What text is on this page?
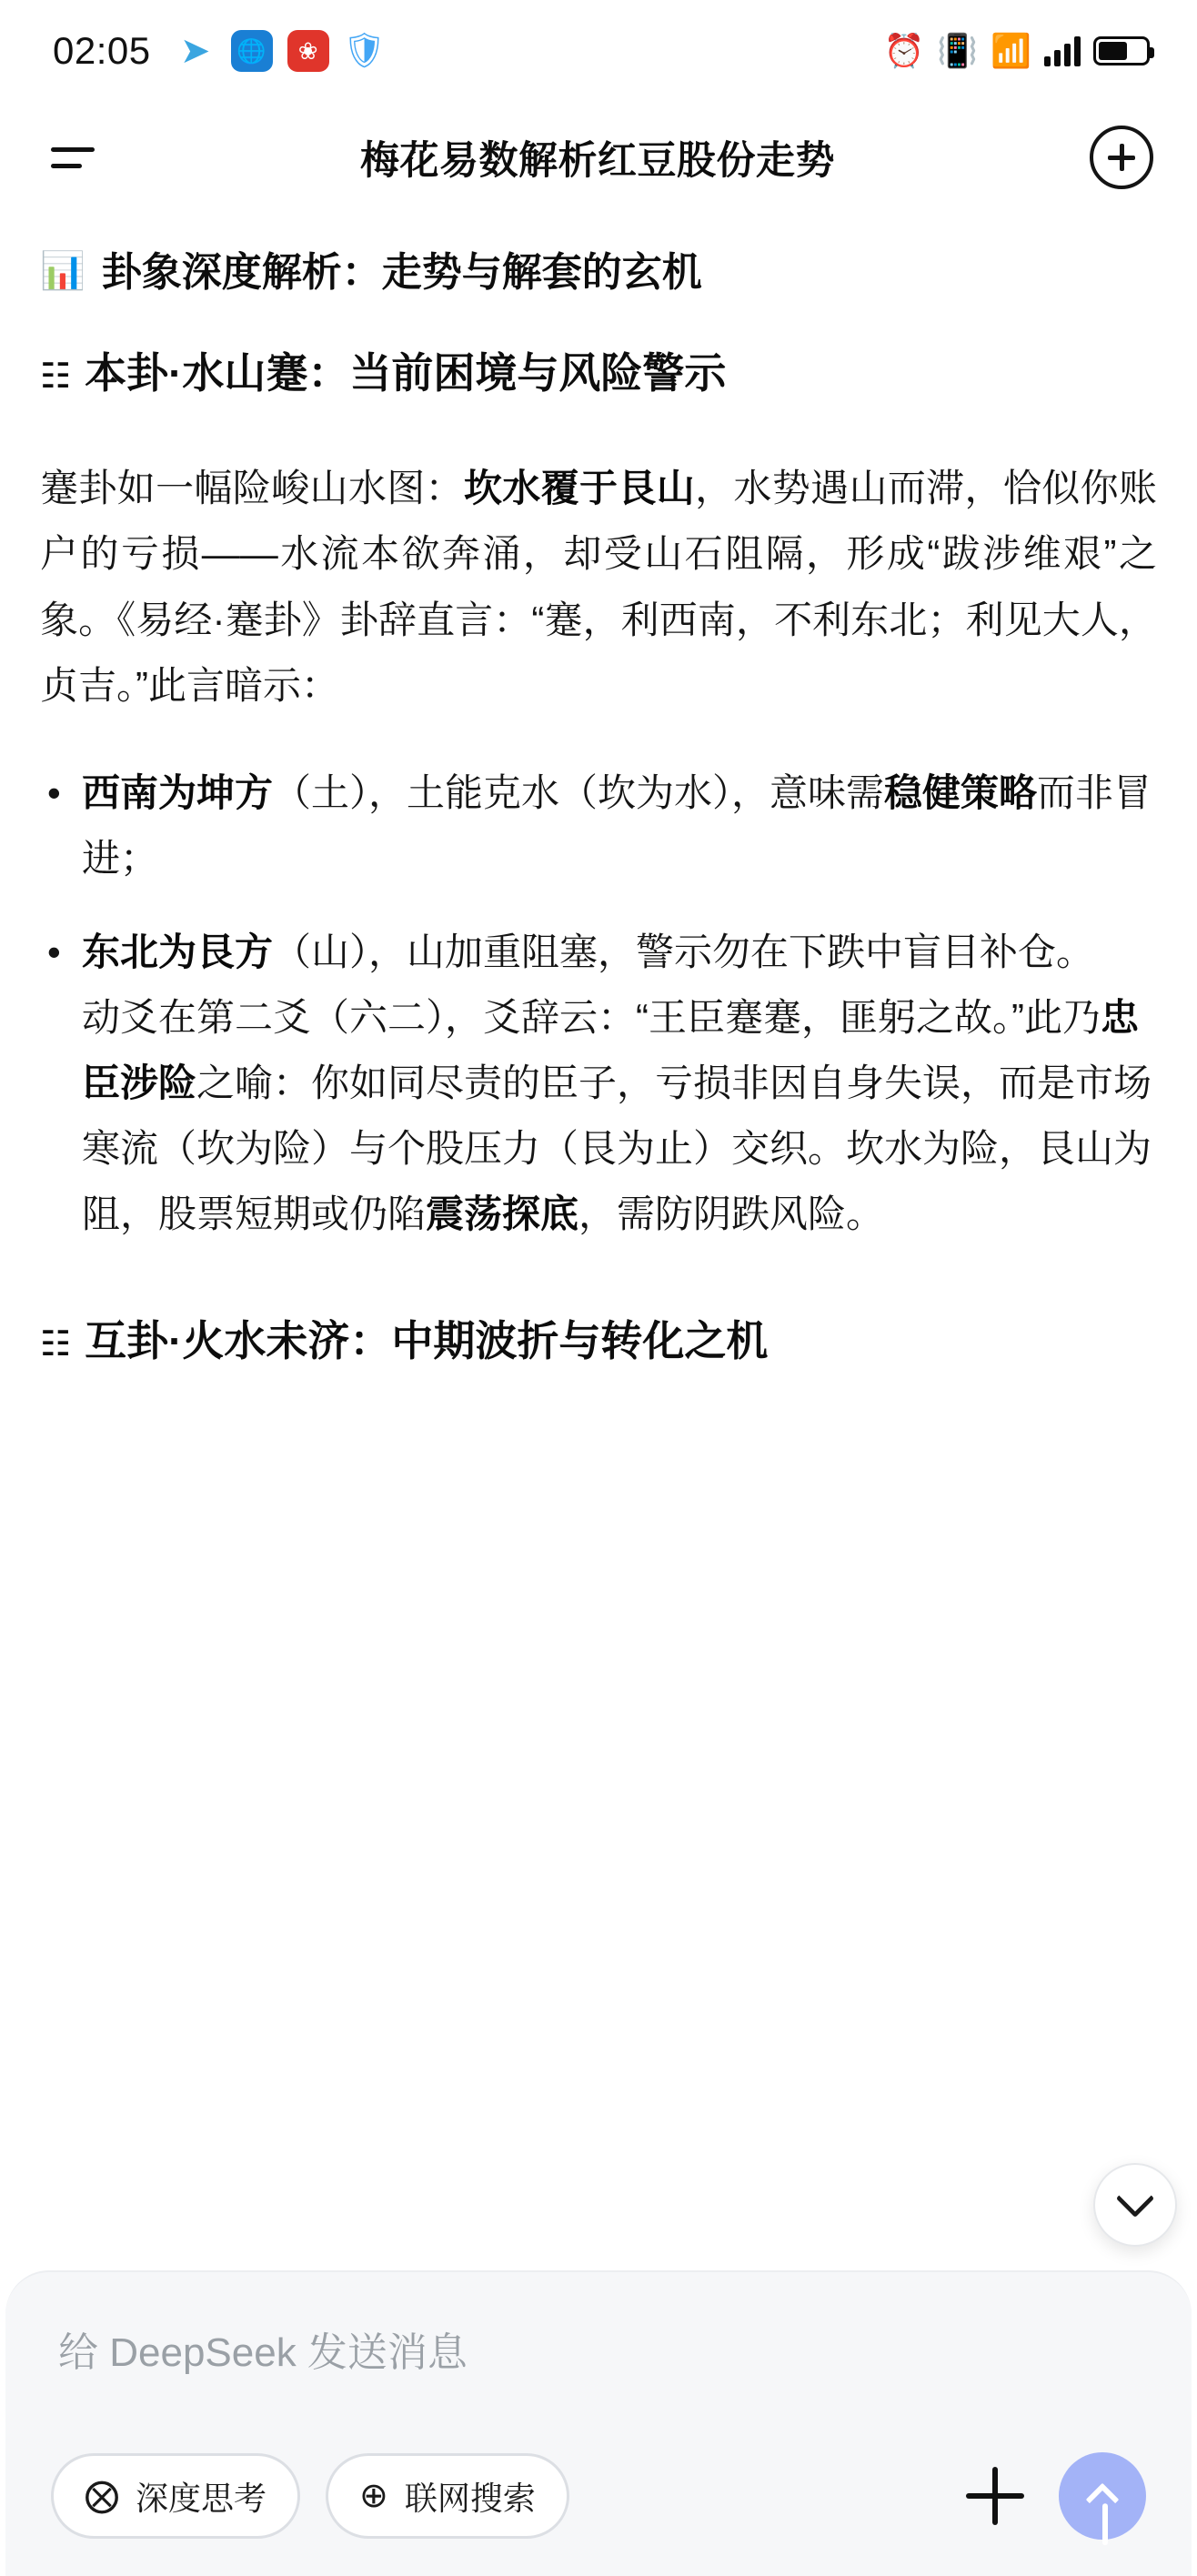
02:05 ➤ 🌐	❀ 🛡	⏰ 📳 📶
梅花易数解析红豆股份走势
📊 卦象深度解析：走势与解套的玄机
☷ 本卦·水山蹇：当前困境与风险警示

蹇卦如一幅险峻山水图：坎水覆于艮山，水势遇山而滞，恰似你账户的亏损——水流本欲奔涌，却受山石阻隔，形成“跋涉维艰”之象。《易经·蹇卦》卦辞直言：“蹇，利西南，不利东北；利见大人，贞吉。”此言暗示：

• 西南为坤方（土），土能克水（坎为水），意味需稳健策略而非冒进；
• 东北为艮方（山），山加重阻塞，警示勿在下跌中盲目补仓。
动爻在第二爻（六二），爻辞云：“王臣蹇蹇，匪躬之故。”此乃忠臣涉险之喻：你如同尽责的臣子，亏损非因自身失误，而是市场寒流（坎为险）与个股压力（艮为止）交织。坎水为险，艮山为阻，股票短期或仍陷震荡探底，需防阴跌风险。
☷ 互卦·火水未济：中期波折与转化之机
给 DeepSeek 发送消息
⨂ 深度思考	⊕ 联网搜索
